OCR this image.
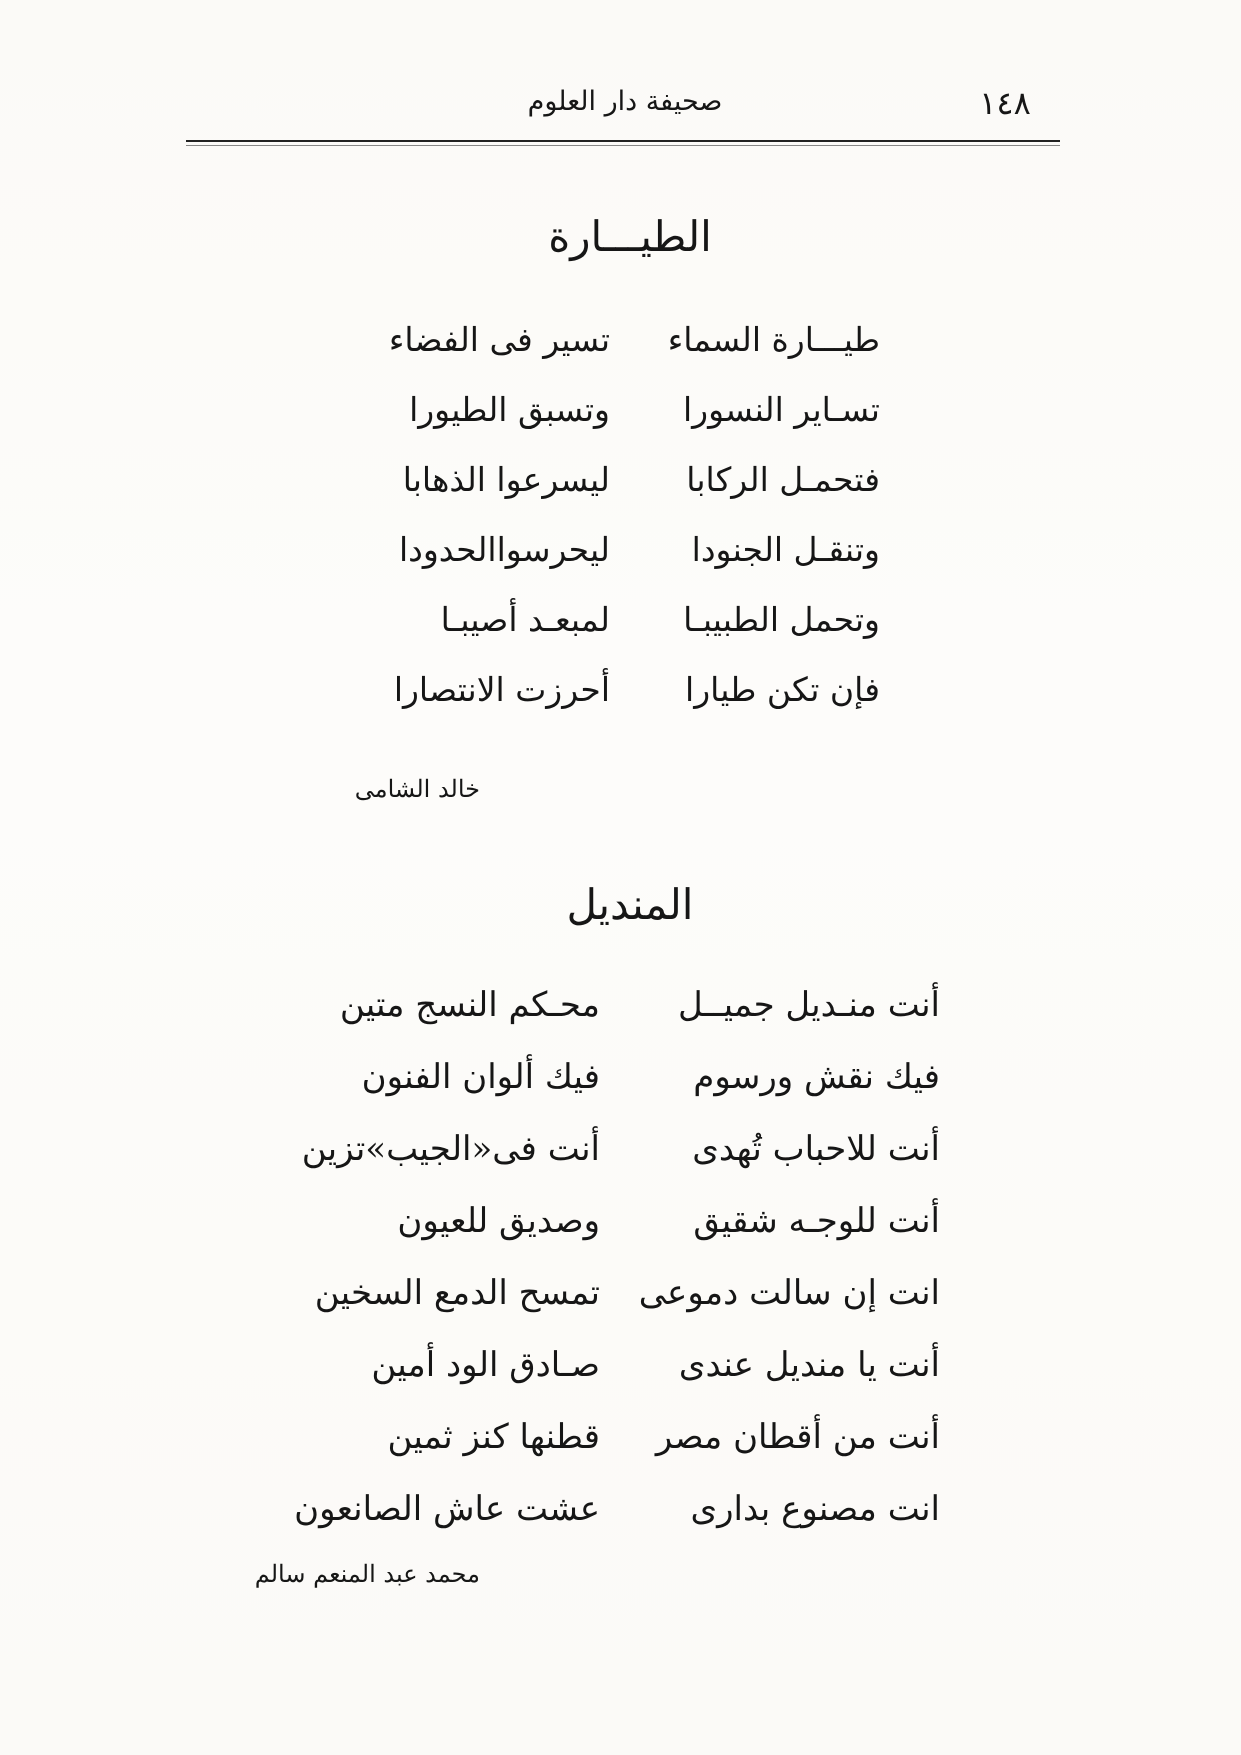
١٤٨
صحيفة دار العلوم
الطيـــارة
طيـــارة السماء
تسير فى الفضاء
تسـاير النسورا
وتسبق الطيورا
فتحمـل الركابا
ليسرعوا الذهابا
وتنقـل الجنودا
ليحرسواالحدودا
وتحمل الطبيبـا
لمبعـد أصيبـا
فإن تكن طيارا
أحرزت الانتصارا
خالد الشامى
المنديل
أنت منـديل جميــل
محـكم النسج متين
فيك نقش ورسوم
فيك ألوان الفنون
أنت للاحباب تُهدى
أنت فى«الجيب»تزين
أنت للوجـه شقيق
وصديق للعيون
انت إن سالت دموعى
تمسح الدمع السخين
أنت يا منديل عندى
صـادق الود أمين
أنت من أقطان مصر
قطنها كنز ثمين
انت مصنوع بدارى
عشت عاش الصانعون
محمد عبد المنعم سالم
